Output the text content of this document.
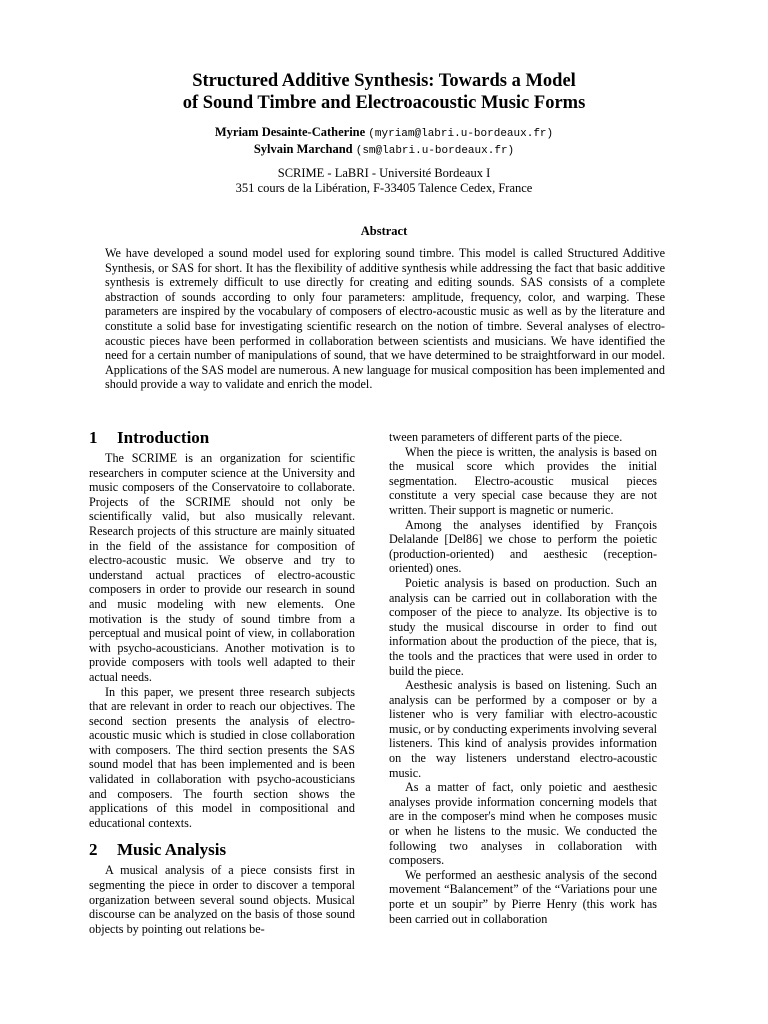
Structured Additive Synthesis: Towards a Model
of Sound Timbre and Electroacoustic Music Forms
Myriam Desainte-Catherine (myriam@labri.u-bordeaux.fr)
Sylvain Marchand (sm@labri.u-bordeaux.fr)
SCRIME - LaBRI - Université Bordeaux I
351 cours de la Libération, F-33405 Talence Cedex, France
Abstract
We have developed a sound model used for exploring sound timbre. This model is called Structured Additive Synthesis, or SAS for short. It has the flexibility of additive synthesis while addressing the fact that basic additive synthesis is extremely difficult to use directly for creating and editing sounds. SAS consists of a complete abstraction of sounds according to only four parameters: amplitude, frequency, color, and warping. These parameters are inspired by the vocabulary of composers of electro-acoustic music as well as by the literature and constitute a solid base for investigating scientific research on the notion of timbre. Several analyses of electro-acoustic pieces have been performed in collaboration between scientists and musicians. We have identified the need for a certain number of manipulations of sound, that we have determined to be straightforward in our model. Applications of the SAS model are numerous. A new language for musical composition has been implemented and should provide a way to validate and enrich the model.
1 Introduction

The SCRIME is an organization for scientific researchers in computer science at the University and music composers of the Conservatoire to collaborate. Projects of the SCRIME should not only be scientifically valid, but also musically relevant. Research projects of this structure are mainly situated in the field of the assistance for composition of electro-acoustic music. We observe and try to understand actual practices of electro-acoustic composers in order to provide our research in sound and music modeling with new elements. One motivation is the study of sound timbre from a perceptual and musical point of view, in collaboration with psycho-acousticians. Another motivation is to provide composers with tools well adapted to their actual needs.

In this paper, we present three research subjects that are relevant in order to reach our objectives. The second section presents the analysis of electro-acoustic music which is studied in close collaboration with composers. The third section presents the SAS sound model that has been implemented and is been validated in collaboration with psycho-acousticians and composers. The fourth section shows the applications of this model in compositional and educational contexts.

2 Music Analysis

A musical analysis of a piece consists first in segmenting the piece in order to discover a temporal organization between several sound objects. Musical discourse can be analyzed on the basis of those sound objects by pointing out relations be-

tween parameters of different parts of the piece.

When the piece is written, the analysis is based on the musical score which provides the initial segmentation. Electro-acoustic musical pieces constitute a very special case because they are not written. Their support is magnetic or numeric.

Among the analyses identified by François Delalande [Del86] we chose to perform the poietic (production-oriented) and aesthesic (reception-oriented) ones.

Poietic analysis is based on production. Such an analysis can be carried out in collaboration with the composer of the piece to analyze. Its objective is to study the musical discourse in order to find out information about the production of the piece, that is, the tools and the practices that were used in order to build the piece.

Aesthesic analysis is based on listening. Such an analysis can be performed by a composer or by a listener who is very familiar with electro-acoustic music, or by conducting experiments involving several listeners. This kind of analysis provides information on the way listeners understand electro-acoustic music.

As a matter of fact, only poietic and aesthesic analyses provide information concerning models that are in the composer's mind when he composes music or when he listens to the music. We conducted the following two analyses in collaboration with composers.

We performed an aesthesic analysis of the second movement “Balancement” of the “Variations pour une porte et un soupir” by Pierre Henry (this work has been carried out in collaboration
